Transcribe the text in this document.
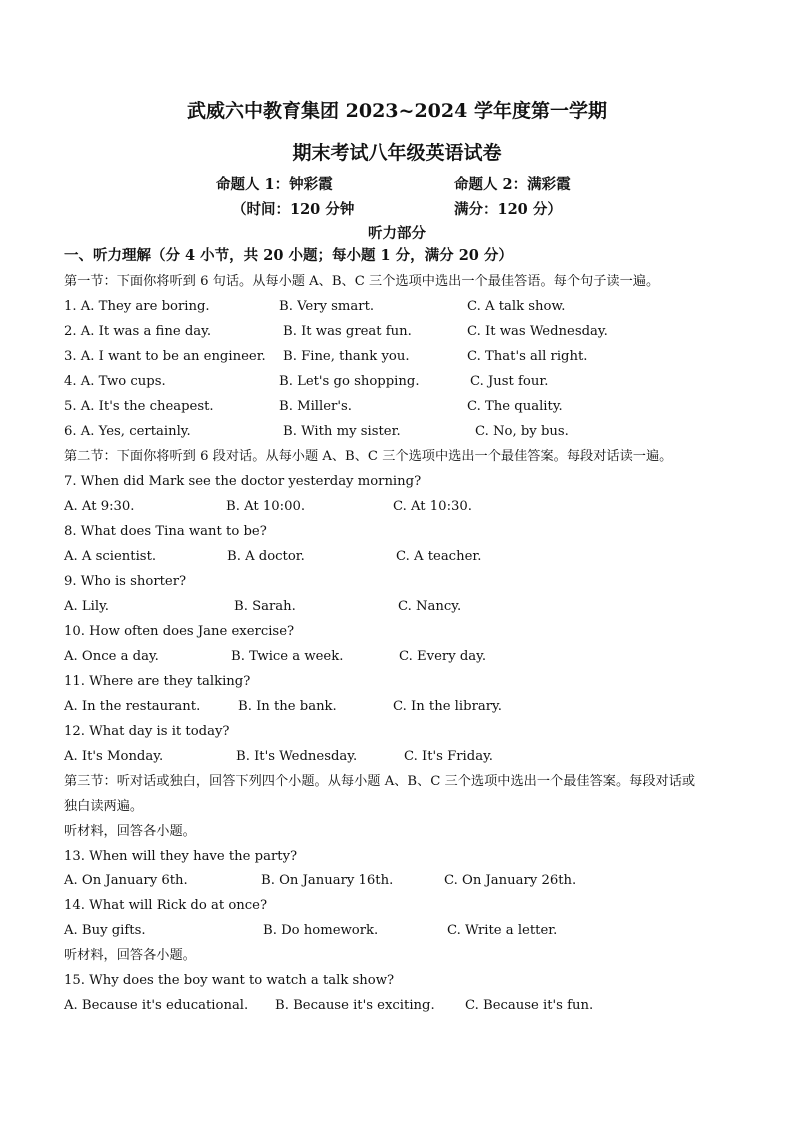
武威六中教育集团 2023~2024 学年度第一学期
期末考试八年级英语试卷
命题人 1：钟彩霞	命题人 2：满彩霞
（时间：120 分钟	满分：120 分）
听力部分
一、听力理解（分 4 小节，共 20 小题；每小题 1 分，满分 20 分）
第一节：下面你将听到 6 句话。从每小题 A、B、C 三个选项中选出一个最佳答语。每个句子读一遍。
1. A. They are boring.	B. Very smart.	C. A talk show.
2. A. It was a fine day.	B. It was great fun.	C. It was Wednesday.
3. A. I want to be an engineer. B. Fine, thank you.	C. That's all right.
4. A. Two cups.	B. Let's go shopping.	C. Just four.
5. A. It's the cheapest.	B. Miller's.	C. The quality.
6. A. Yes, certainly.	B. With my sister.	C. No, by bus.
第二节：下面你将听到 6 段对话。从每小题 A、B、C 三个选项中选出一个最佳答案。每段对话读一遍。
7. When did Mark see the doctor yesterday morning?
A. At 9:30.	B. At 10:00.	C. At 10:30.
8. What does Tina want to be?
A. A scientist.	B. A doctor.	C. A teacher.
9. Who is shorter?
A. Lily.	B. Sarah.	C. Nancy.
10. How often does Jane exercise?
A. Once a day.	B. Twice a week.	C. Every day.
11. Where are they talking?
A. In the restaurant.	B. In the bank.	C. In the library.
12. What day is it today?
A. It's Monday.	B. It's Wednesday.	C. It's Friday.
第三节：听对话或独白，回答下列四个小题。从每小题 A、B、C 三个选项中选出一个最佳答案。每段对话或
独白读两遍。
听材料，回答各小题。
13. When will they have the party?
A. On January 6th.	B. On January 16th.	C. On January 26th.
14. What will Rick do at once?
A. Buy gifts.	B. Do homework.	C. Write a letter.
听材料，回答各小题。
15. Why does the boy want to watch a talk show?
A. Because it's educational. B. Because it's exciting. C. Because it's fun.
